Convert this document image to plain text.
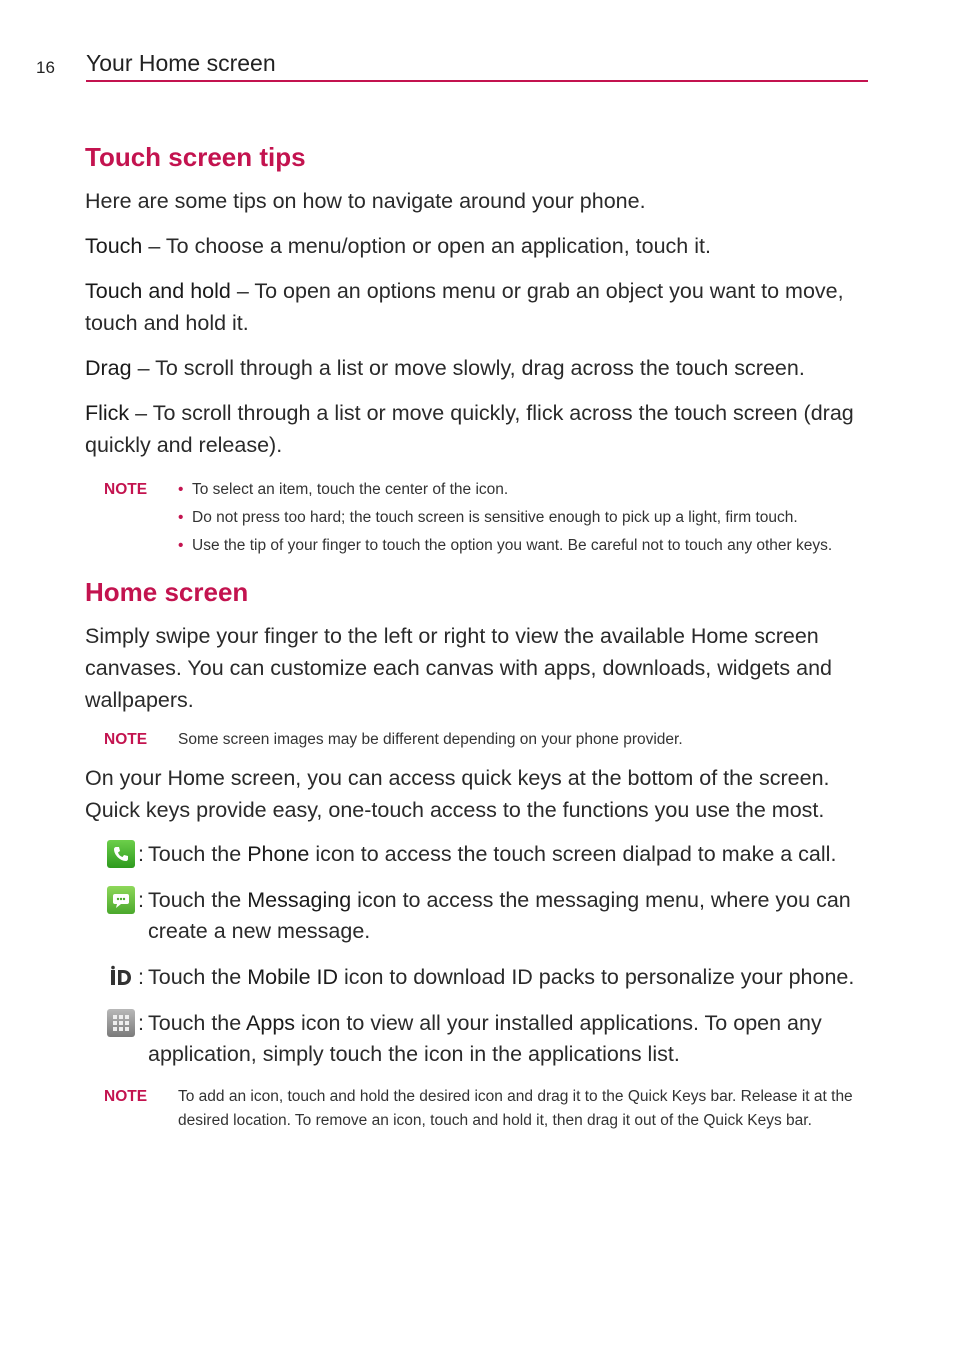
16 Your Home screen
Touch screen tips

Here are some tips on how to navigate around your phone.

Touch – To choose a menu/option or open an application, touch it.

Touch and hold – To open an options menu or grab an object you want to move, touch and hold it.

Drag – To scroll through a list or move slowly, drag across the touch screen.

Flick – To scroll through a list or move quickly, flick across the touch screen (drag quickly and release).

NOTE	• To select an item, touch the center of the icon.
• Do not press too hard; the touch screen is sensitive enough to pick up a light, firm touch.
• Use the tip of your finger to touch the option you want. Be careful not to touch any other keys.
Home screen

Simply swipe your finger to the left or right to view the available Home screen canvases. You can customize each canvas with apps, downloads, widgets and wallpapers.

NOTE	Some screen images may be different depending on your phone provider.

On your Home screen, you can access quick keys at the bottom of the screen. Quick keys provide easy, one-touch access to the functions you use the most.

: Touch the Phone icon to access the touch screen dialpad to make a call.
: Touch the Messaging icon to access the messaging menu, where you can create a new message.
: Touch the Mobile ID icon to download ID packs to personalize your phone.
: Touch the Apps icon to view all your installed applications. To open any application, simply touch the icon in the applications list.
NOTE	To add an icon, touch and hold the desired icon and drag it to the Quick Keys bar. Release it at the desired location. To remove an icon, touch and hold it, then drag it out of the Quick Keys bar.
